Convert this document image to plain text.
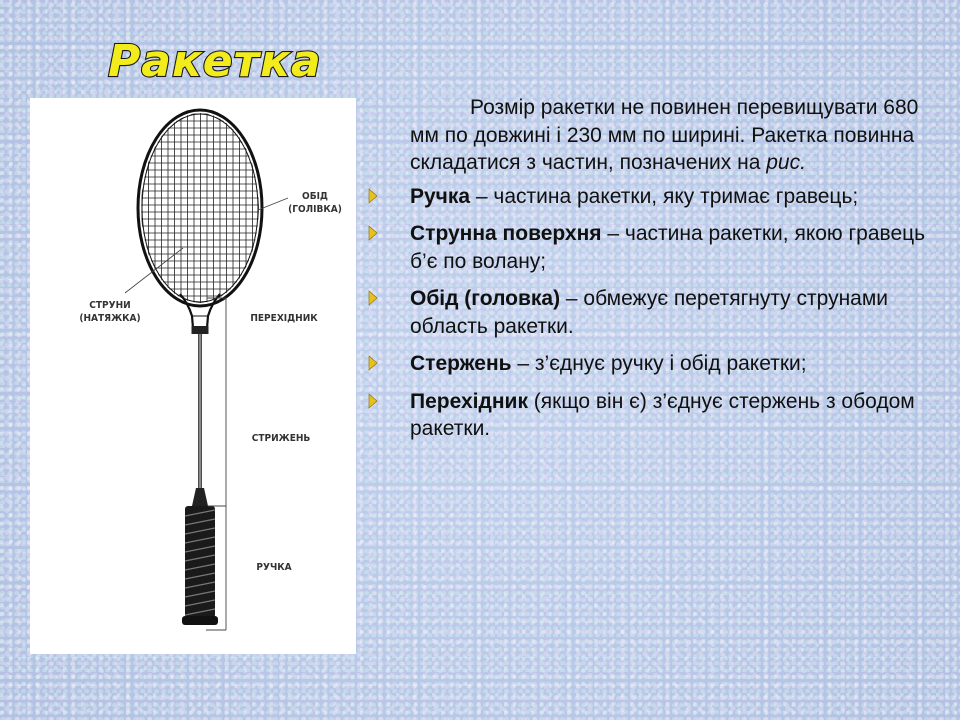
Ракетка
ОБІД
(ГОЛІВКА)
СТРУНИ
(НАТЯЖКА)	ПЕРЕХІДНИК
СТРИЖЕНЬ
РУЧКА

Розмір ракетки не повинен перевищувати 680 мм по довжині і 230 мм по ширині. Ракетка повинна складатися з частин, позначених на рис.

Ручка – частина ракетки, яку тримає гравець;
Струнна поверхня – частина ракетки, якою гравець б’є по волану;
Обід (головка) – обмежує перетягнуту струнами область ракетки.
Стержень – з’єднує ручку і обід ракетки;
Перехідник (якщо він є) з’єднує стержень з ободом ракетки.
